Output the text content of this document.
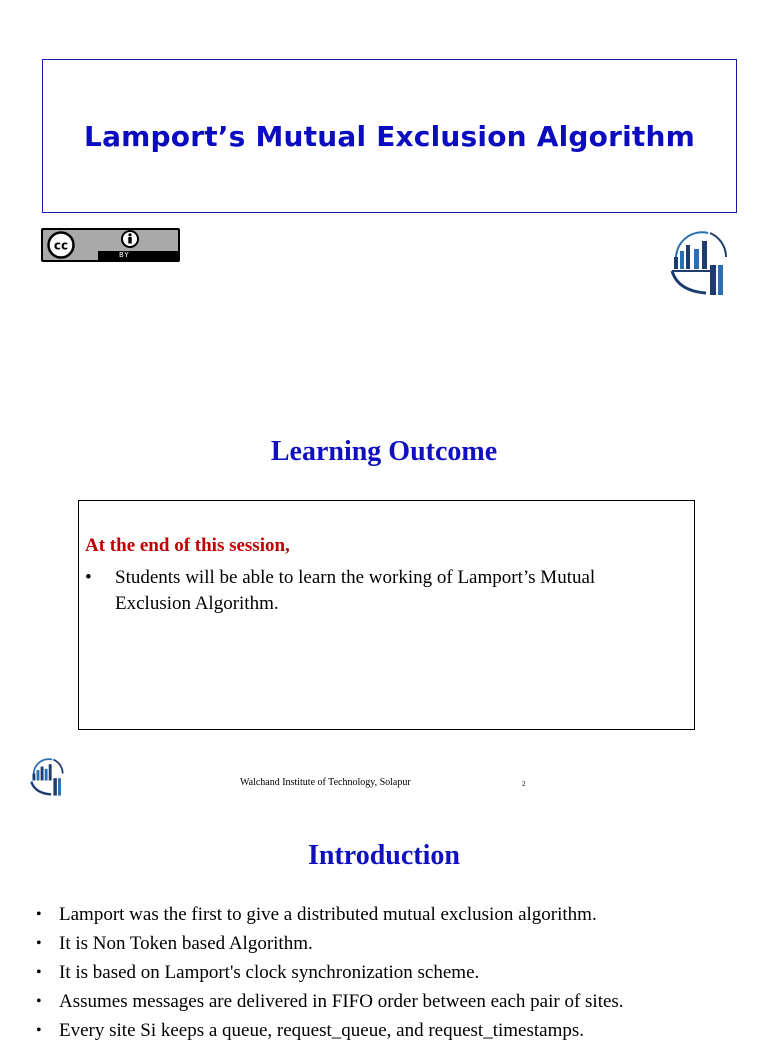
Lamport’s Mutual Exclusion Algorithm
cc
BY
Learning Outcome
At the end of this session,
•	Students will be able to learn the working of Lamport’s Mutual Exclusion Algorithm.
Walchand Institute of Technology, Solapur	2
Introduction
• Lamport was the first to give a distributed mutual exclusion algorithm.
• It is Non Token based Algorithm.
• It is based on Lamport's clock synchronization scheme.
• Assumes messages are delivered in FIFO order between each pair of sites.
• Every site Si keeps a queue, request_queue, and request_timestamps.
